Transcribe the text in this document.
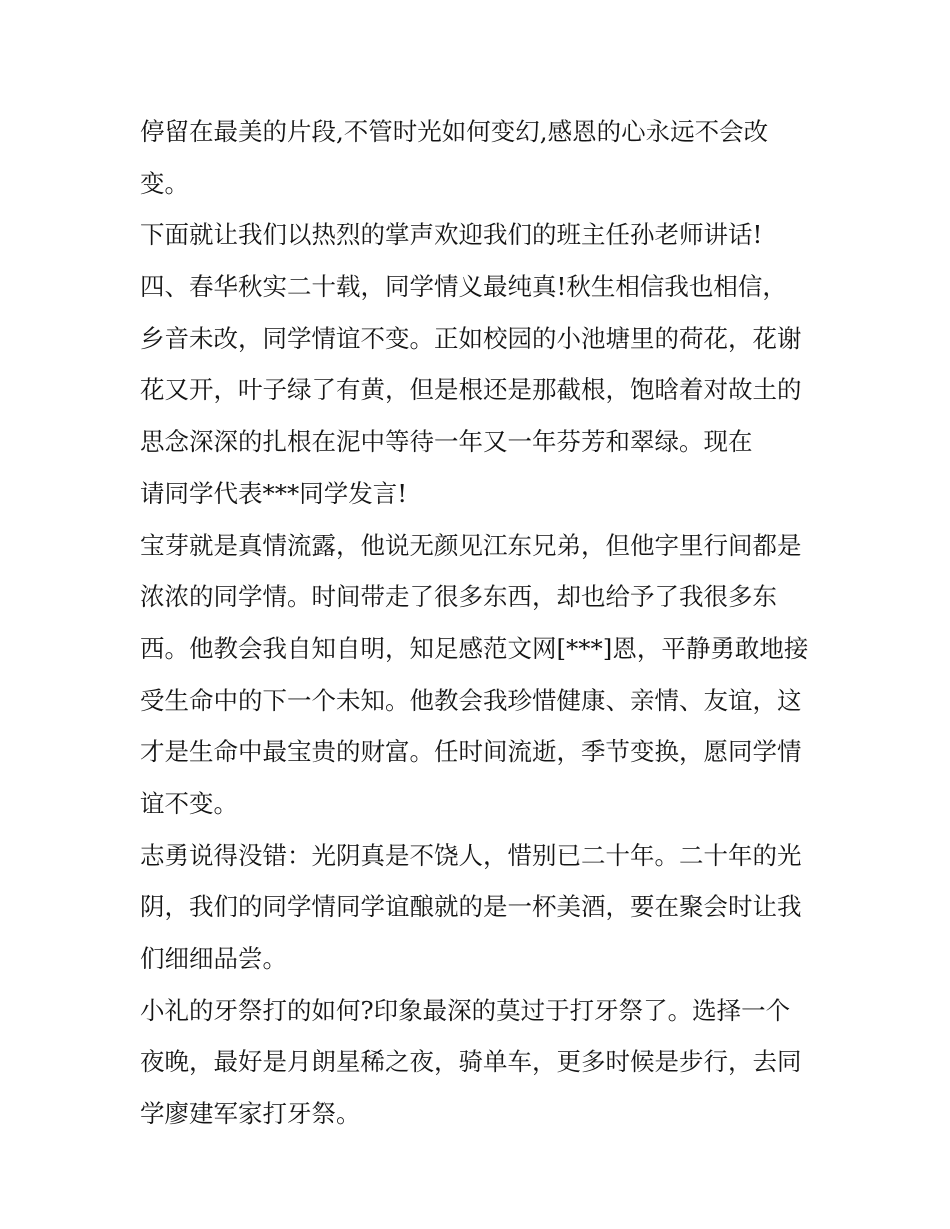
停留在最美的片段,不管时光如何变幻,感恩的心永远不会改
变。
下面就让我们以热烈的掌声欢迎我们的班主任孙老师讲话!
四、春华秋实二十载，同学情义最纯真!秋生相信我也相信，
乡音未改，同学情谊不变。正如校园的小池塘里的荷花，花谢
花又开，叶子绿了有黄，但是根还是那截根，饱晗着对故土的
思念深深的扎根在泥中等待一年又一年芬芳和翠绿。现在
请同学代表***同学发言!
宝芽就是真情流露，他说无颜见江东兄弟，但他字里行间都是
浓浓的同学情。时间带走了很多东西，却也给予了我很多东
西。他教会我自知自明，知足感范文网[***]恩，平静勇敢地接
受生命中的下一个未知。他教会我珍惜健康、亲情、友谊，这
才是生命中最宝贵的财富。任时间流逝，季节变换，愿同学情
谊不变。
志勇说得没错：光阴真是不饶人，惜别已二十年。二十年的光
阴，我们的同学情同学谊酿就的是一杯美酒，要在聚会时让我
们细细品尝。
小礼的牙祭打的如何?印象最深的莫过于打牙祭了。选择一个
夜晚，最好是月朗星稀之夜，骑单车，更多时候是步行，去同
学廖建军家打牙祭。
